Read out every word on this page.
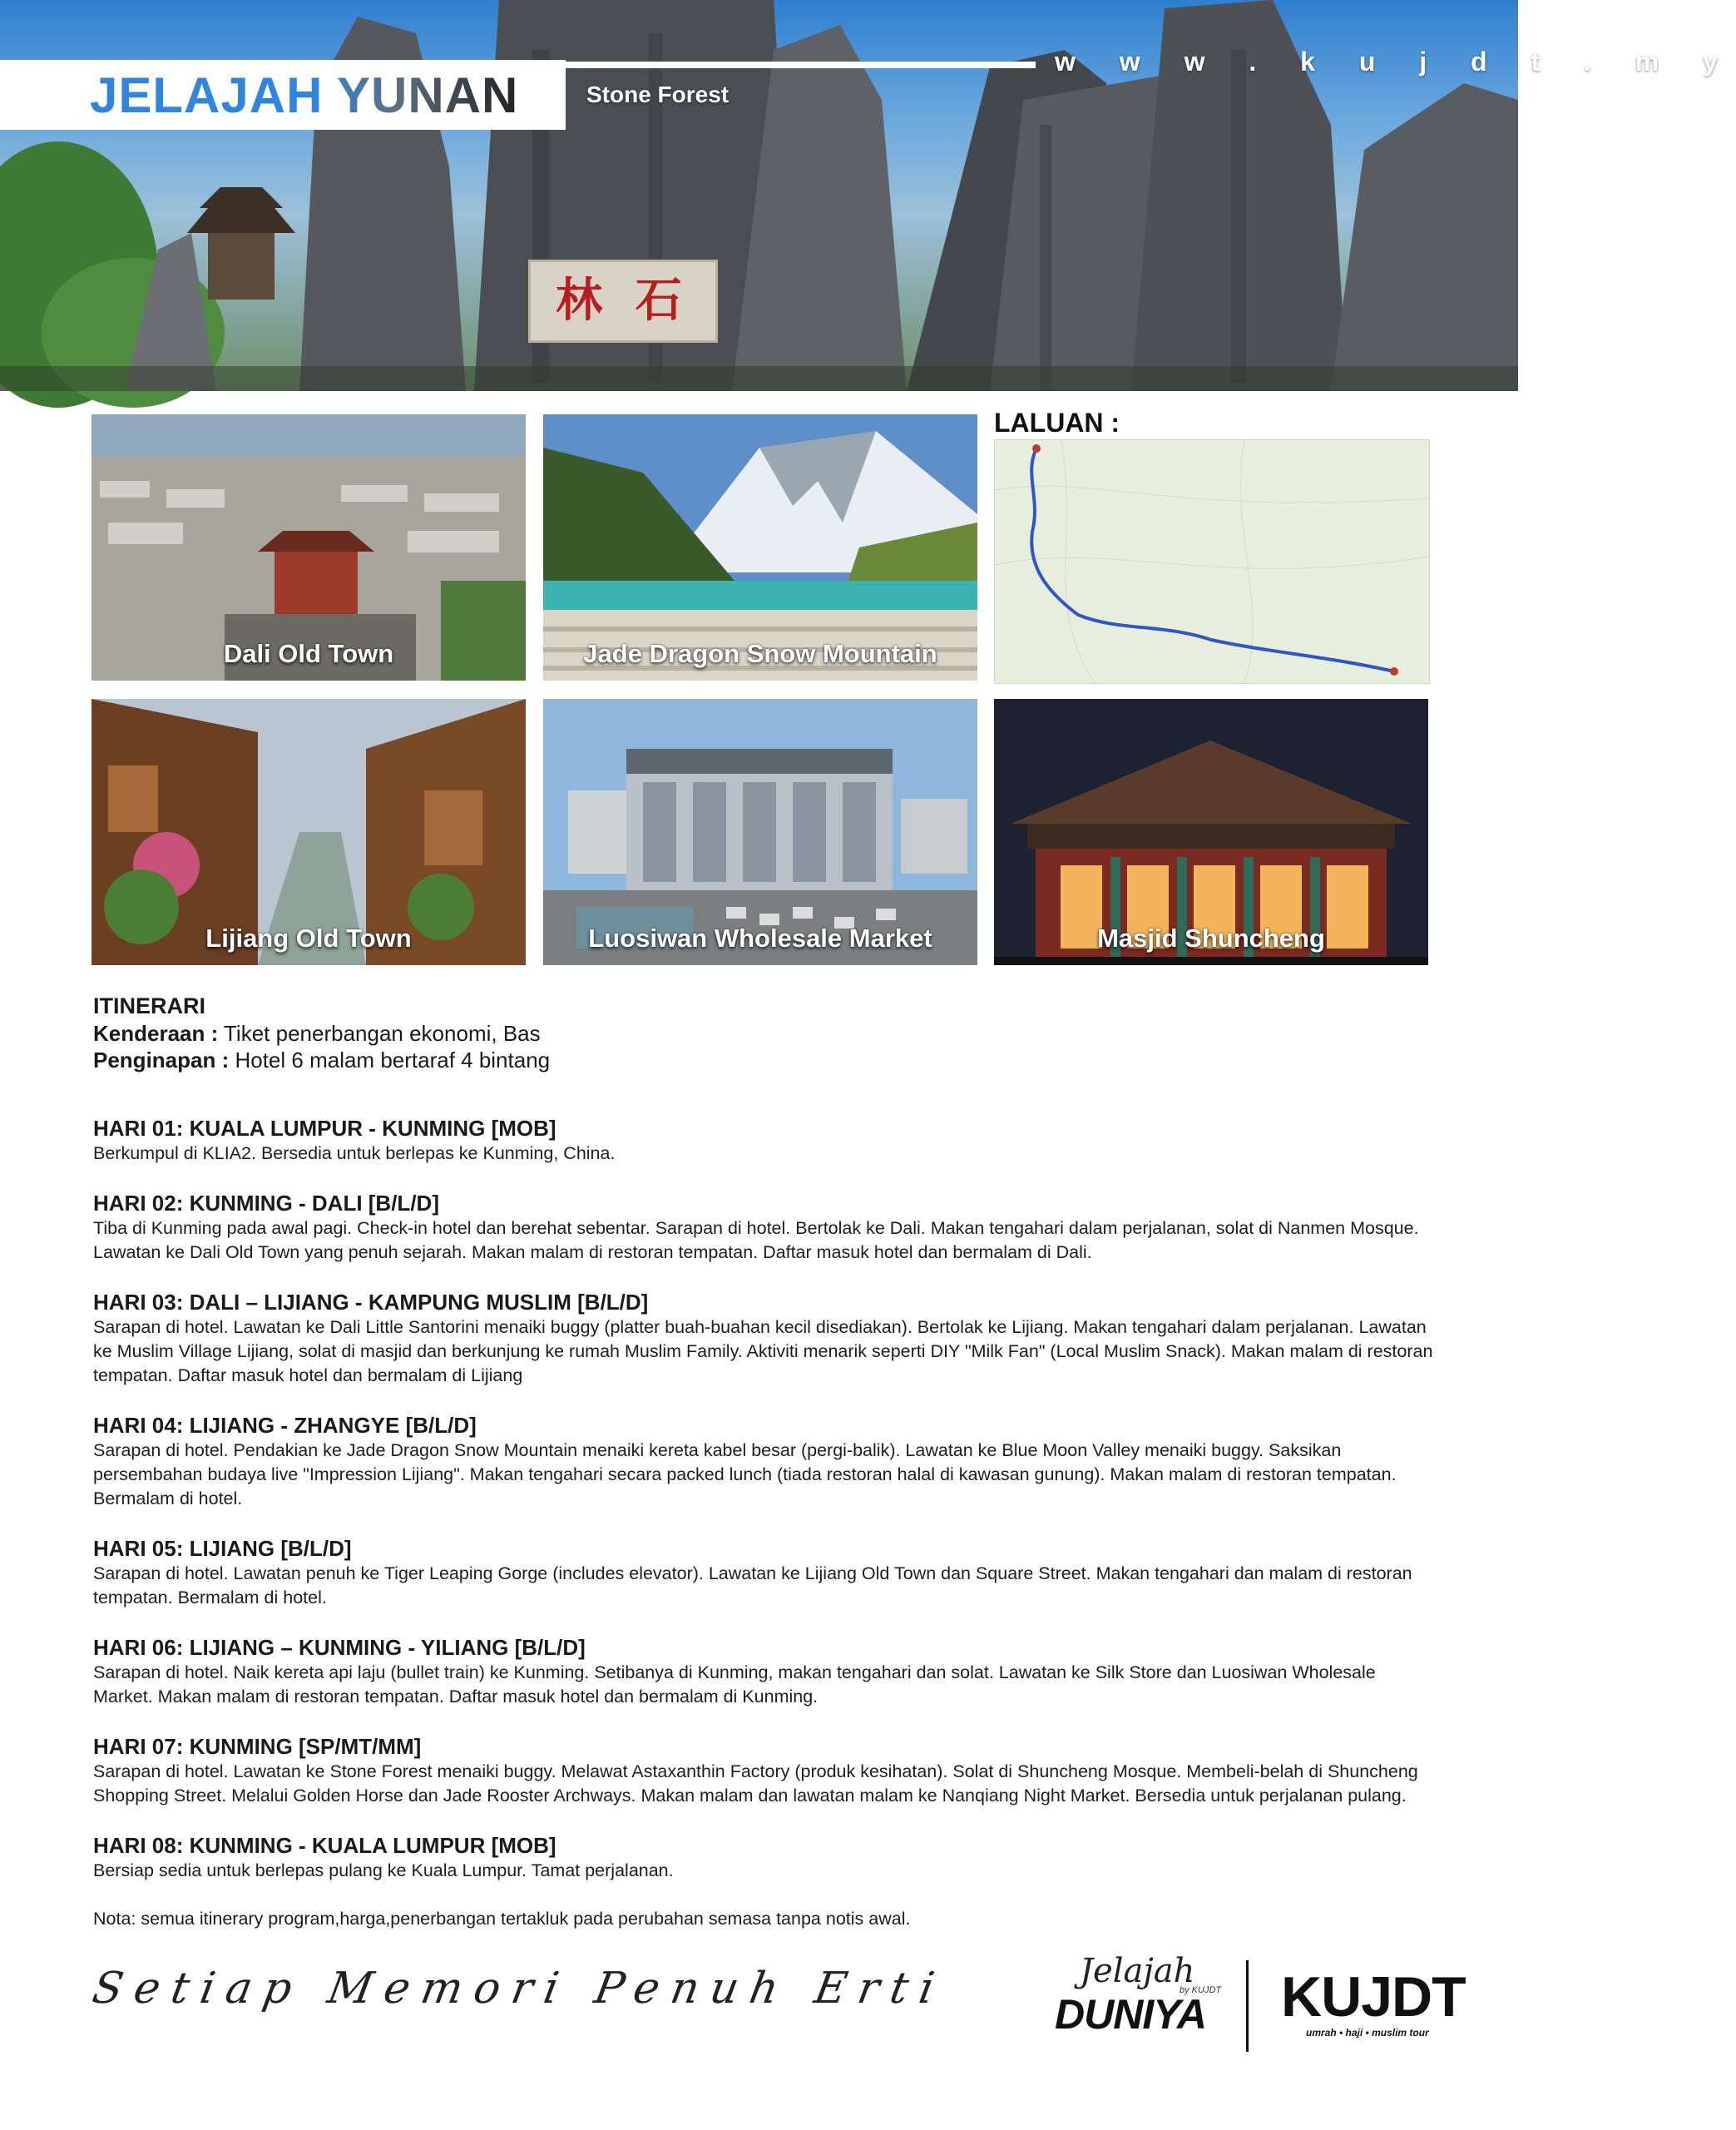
林 石
JELAJAH YUNAN	Stone Forest
w w w . k u j d t . m y
Dali Old Town	Jade Dragon Snow Mountain
LALUAN :
Lijiang Old Town	Luosiwan Wholesale Market	Masjid Shuncheng
ITINERARI
Kenderaan : Tiket penerbangan ekonomi, Bas
Penginapan : Hotel 6 malam bertaraf 4 bintang
HARI 01: KUALA LUMPUR - KUNMING [MOB]
Berkumpul di KLIA2. Bersedia untuk berlepas ke Kunming, China.
HARI 02: KUNMING - DALI [B/L/D]
Tiba di Kunming pada awal pagi. Check-in hotel dan berehat sebentar. Sarapan di hotel. Bertolak ke Dali. Makan tengahari dalam perjalanan, solat di Nanmen Mosque. Lawatan ke Dali Old Town yang penuh sejarah. Makan malam di restoran tempatan. Daftar masuk hotel dan bermalam di Dali.
HARI 03: DALI – LIJIANG - KAMPUNG MUSLIM [B/L/D]
Sarapan di hotel. Lawatan ke Dali Little Santorini menaiki buggy (platter buah-buahan kecil disediakan). Bertolak ke Lijiang. Makan tengahari dalam perjalanan. Lawatan ke Muslim Village Lijiang, solat di masjid dan berkunjung ke rumah Muslim Family. Aktiviti menarik seperti DIY "Milk Fan" (Local Muslim Snack). Makan malam di restoran tempatan. Daftar masuk hotel dan bermalam di Lijiang
HARI 04: LIJIANG - ZHANGYE [B/L/D]
Sarapan di hotel. Pendakian ke Jade Dragon Snow Mountain menaiki kereta kabel besar (pergi-balik). Lawatan ke Blue Moon Valley menaiki buggy. Saksikan persembahan budaya live "Impression Lijiang". Makan tengahari secara packed lunch (tiada restoran halal di kawasan gunung). Makan malam di restoran tempatan. Bermalam di hotel.
HARI 05: LIJIANG [B/L/D]
Sarapan di hotel. Lawatan penuh ke Tiger Leaping Gorge (includes elevator). Lawatan ke Lijiang Old Town dan Square Street. Makan tengahari dan malam di restoran tempatan. Bermalam di hotel.
HARI 06: LIJIANG – KUNMING - YILIANG [B/L/D]
Sarapan di hotel. Naik kereta api laju (bullet train) ke Kunming. Setibanya di Kunming, makan tengahari dan solat. Lawatan ke Silk Store dan Luosiwan Wholesale Market. Makan malam di restoran tempatan. Daftar masuk hotel dan bermalam di Kunming.
HARI 07: KUNMING [SP/MT/MM]
Sarapan di hotel. Lawatan ke Stone Forest menaiki buggy. Melawat Astaxanthin Factory (produk kesihatan). Solat di Shuncheng Mosque. Membeli-belah di Shuncheng Shopping Street. Melalui Golden Horse dan Jade Rooster Archways. Makan malam dan lawatan malam ke Nanqiang Night Market. Bersedia untuk perjalanan pulang.
HARI 08: KUNMING - KUALA LUMPUR [MOB]
Bersiap sedia untuk berlepas pulang ke Kuala Lumpur. Tamat perjalanan.
Nota: semua itinerary program,harga,penerbangan tertakluk pada perubahan semasa tanpa notis awal.
Setiap Memori Penuh Erti	Jelajah
by KUJDT
DUNIYA KUJDT
umrah • haji • muslim tour
